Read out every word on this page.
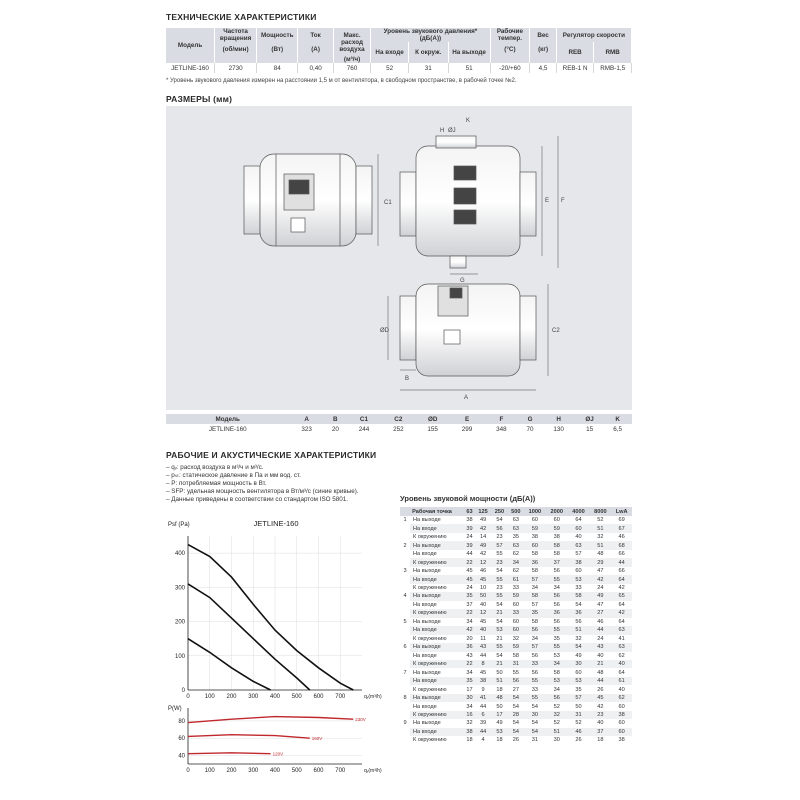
ТЕХНИЧЕСКИЕ ХАРАКТЕРИСТИКИ
Модель	Частота вращения	Мощность	Ток	Макс. расход воздуха	Уровень звукового давления* (дБ(А))			Рабочие темпер.	Вес	Регулятор скорости	
	(об/мин)	(Вт)	(А)		На входе	К окруж.	На выходе	(°C)	(кг)	REB	RMB
				(м³/ч)							
JETLINE-160	2730	84	0,40	760	52	31	51	-20/+60	4,5	REB-1 N	RMB-1,5
* Уровень звукового давления измерен на расстоянии 1,5 м от вентилятора, в свободном пространстве, в рабочей точке №2.
РАЗМЕРЫ (мм)
C1	E F
G
ØJ
K
H
ØD
A
B
C2
Модель	A	B	C1	C2	ØD	E	F	G	H	ØJ	K
JETLINE-160	323	20	244	252	155	299	348	70	130	15	6,5
РАБОЧИЕ И АКУСТИЧЕСКИЕ ХАРАКТЕРИСТИКИ
– qᵥ: расход воздуха в м³/ч и м³/с.
– pₛₜ: статическое давление в Па и мм вод. ст.
– P: потребляемая мощность в Вт.
– SFP: удельная мощность вентилятора в Вт/м³/с (синие кривые).
– Данные приведены в соответствии со стандартом ISO 5801.
JETLINE-160
Psf (Pa)
0
100
200
300
400
0	100 200 300 400 500 600 700	qᵥ(m³/h)
P(W)
40
60
80
0	100 200 300 400 500 600 700	qᵥ(m³/h)
230V
160V
120V
Уровень звуковой мощности (дБ(А))
Рабочая точка		63	125	250	500	1000	2000	4000	8000	LwA
1	На выходе	38	49	54	63	60	60	64	52	69
	На входе	39	42	56	63	59	59	60	51	67
	К окружению	24	14	23	35	38	38	40	32	46
2	На выходе	39	49	57	63	60	58	63	51	68
	На входе	44	42	55	62	58	58	57	48	66
	К окружению	22	12	23	34	36	37	38	29	44
3	На выходе	45	46	54	62	58	56	60	47	66
	На входе	45	45	55	61	57	55	53	42	64
	К окружению	24	10	23	33	34	34	33	24	42
4	На выходе	35	50	55	59	58	56	58	49	65
	На входе	37	40	54	60	57	56	54	47	64
	К окружению	22	12	21	33	35	36	36	27	42
5	На выходе	34	45	54	60	58	56	56	46	64
	На входе	42	40	53	60	56	55	51	44	63
	К окружению	20	11	21	32	34	35	32	24	41
6	На выходе	36	43	55	59	57	55	54	43	63
	На входе	43	44	54	58	56	53	49	40	62
	К окружению	22	8	21	31	33	34	30	21	40
7	На выходе	34	45	50	55	56	58	60	48	64
	На входе	35	38	51	56	55	53	53	44	61
	К окружению	17	9	18	27	33	34	35	26	40
8	На выходе	30	41	48	54	55	56	57	45	62
	На входе	34	44	50	54	54	52	50	42	60
	К окружению	16	6	17	28	30	32	31	23	38
9	На выходе	32	39	49	54	54	52	52	40	60
	На входе	38	44	53	54	54	51	46	37	60
	К окружению	18	4	18	26	31	30	26	18	38
